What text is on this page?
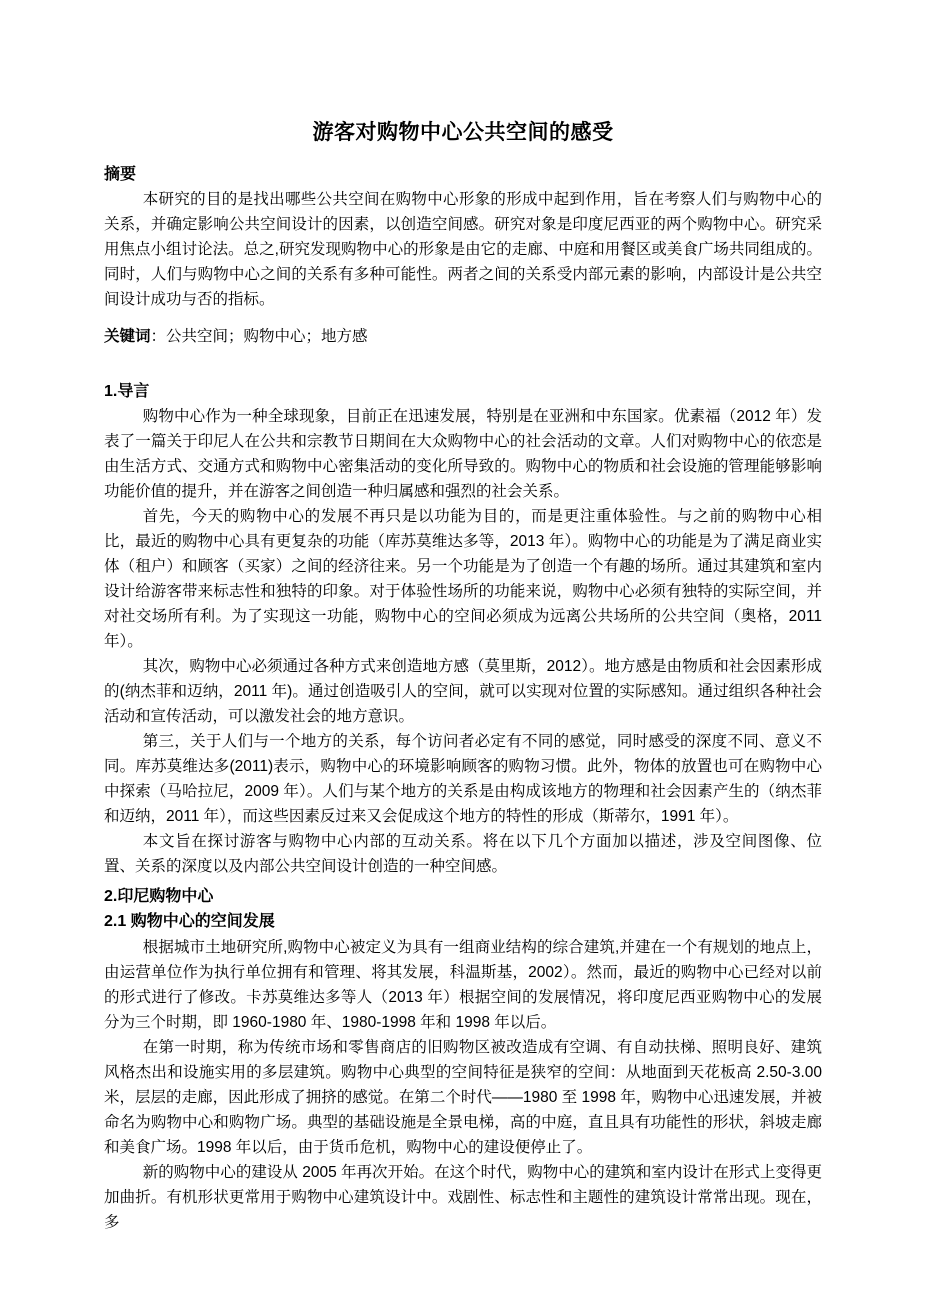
游客对购物中心公共空间的感受
摘要

本研究的目的是找出哪些公共空间在购物中心形象的形成中起到作用，旨在考察人们与购物中心的关系，并确定影响公共空间设计的因素，以创造空间感。研究对象是印度尼西亚的两个购物中心。研究采用焦点小组讨论法。总之,研究发现购物中心的形象是由它的走廊、中庭和用餐区或美食广场共同组成的。同时，人们与购物中心之间的关系有多种可能性。两者之间的关系受内部元素的影响，内部设计是公共空间设计成功与否的指标。

关键词：公共空间；购物中心；地方感

1.导言

购物中心作为一种全球现象，目前正在迅速发展，特别是在亚洲和中东国家。优素福（2012 年）发表了一篇关于印尼人在公共和宗教节日期间在大众购物中心的社会活动的文章。人们对购物中心的依恋是由生活方式、交通方式和购物中心密集活动的变化所导致的。购物中心的物质和社会设施的管理能够影响功能价值的提升，并在游客之间创造一种归属感和强烈的社会关系。

首先，今天的购物中心的发展不再只是以功能为目的，而是更注重体验性。与之前的购物中心相比，最近的购物中心具有更复杂的功能（库苏莫维达多等，2013 年）。购物中心的功能是为了满足商业实体（租户）和顾客（买家）之间的经济往来。另一个功能是为了创造一个有趣的场所。通过其建筑和室内设计给游客带来标志性和独特的印象。对于体验性场所的功能来说，购物中心必须有独特的实际空间，并对社交场所有利。为了实现这一功能，购物中心的空间必须成为远离公共场所的公共空间（奥格，2011 年）。

其次，购物中心必须通过各种方式来创造地方感（莫里斯，2012）。地方感是由物质和社会因素形成的(纳杰菲和迈纳，2011 年)。通过创造吸引人的空间，就可以实现对位置的实际感知。通过组织各种社会活动和宣传活动，可以激发社会的地方意识。

第三，关于人们与一个地方的关系，每个访问者必定有不同的感觉，同时感受的深度不同、意义不同。库苏莫维达多(2011)表示，购物中心的环境影响顾客的购物习惯。此外，物体的放置也可在购物中心中探索（马哈拉尼，2009 年）。人们与某个地方的关系是由构成该地方的物理和社会因素产生的（纳杰菲和迈纳，2011 年），而这些因素反过来又会促成这个地方的特性的形成（斯蒂尔，1991 年）。

本文旨在探讨游客与购物中心内部的互动关系。将在以下几个方面加以描述，涉及空间图像、位置、关系的深度以及内部公共空间设计创造的一种空间感。

2.印尼购物中心
2.1 购物中心的空间发展

根据城市土地研究所,购物中心被定义为具有一组商业结构的综合建筑,并建在一个有规划的地点上，由运营单位作为执行单位拥有和管理、将其发展，科温斯基，2002）。然而，最近的购物中心已经对以前的形式进行了修改。卡苏莫维达多等人（2013 年）根据空间的发展情况，将印度尼西亚购物中心的发展分为三个时期，即 1960-1980 年、1980-1998 年和 1998 年以后。

在第一时期，称为传统市场和零售商店的旧购物区被改造成有空调、有自动扶梯、照明良好、建筑风格杰出和设施实用的多层建筑。购物中心典型的空间特征是狭窄的空间：从地面到天花板高 2.50-3.00 米，层层的走廊，因此形成了拥挤的感觉。在第二个时代——1980 至 1998 年，购物中心迅速发展，并被命名为购物中心和购物广场。典型的基础设施是全景电梯，高的中庭，直且具有功能性的形状，斜坡走廊和美食广场。1998 年以后，由于货币危机，购物中心的建设便停止了。

新的购物中心的建设从 2005 年再次开始。在这个时代，购物中心的建筑和室内设计在形式上变得更加曲折。有机形状更常用于购物中心建筑设计中。戏剧性、标志性和主题性的建筑设计常常出现。现在，多
